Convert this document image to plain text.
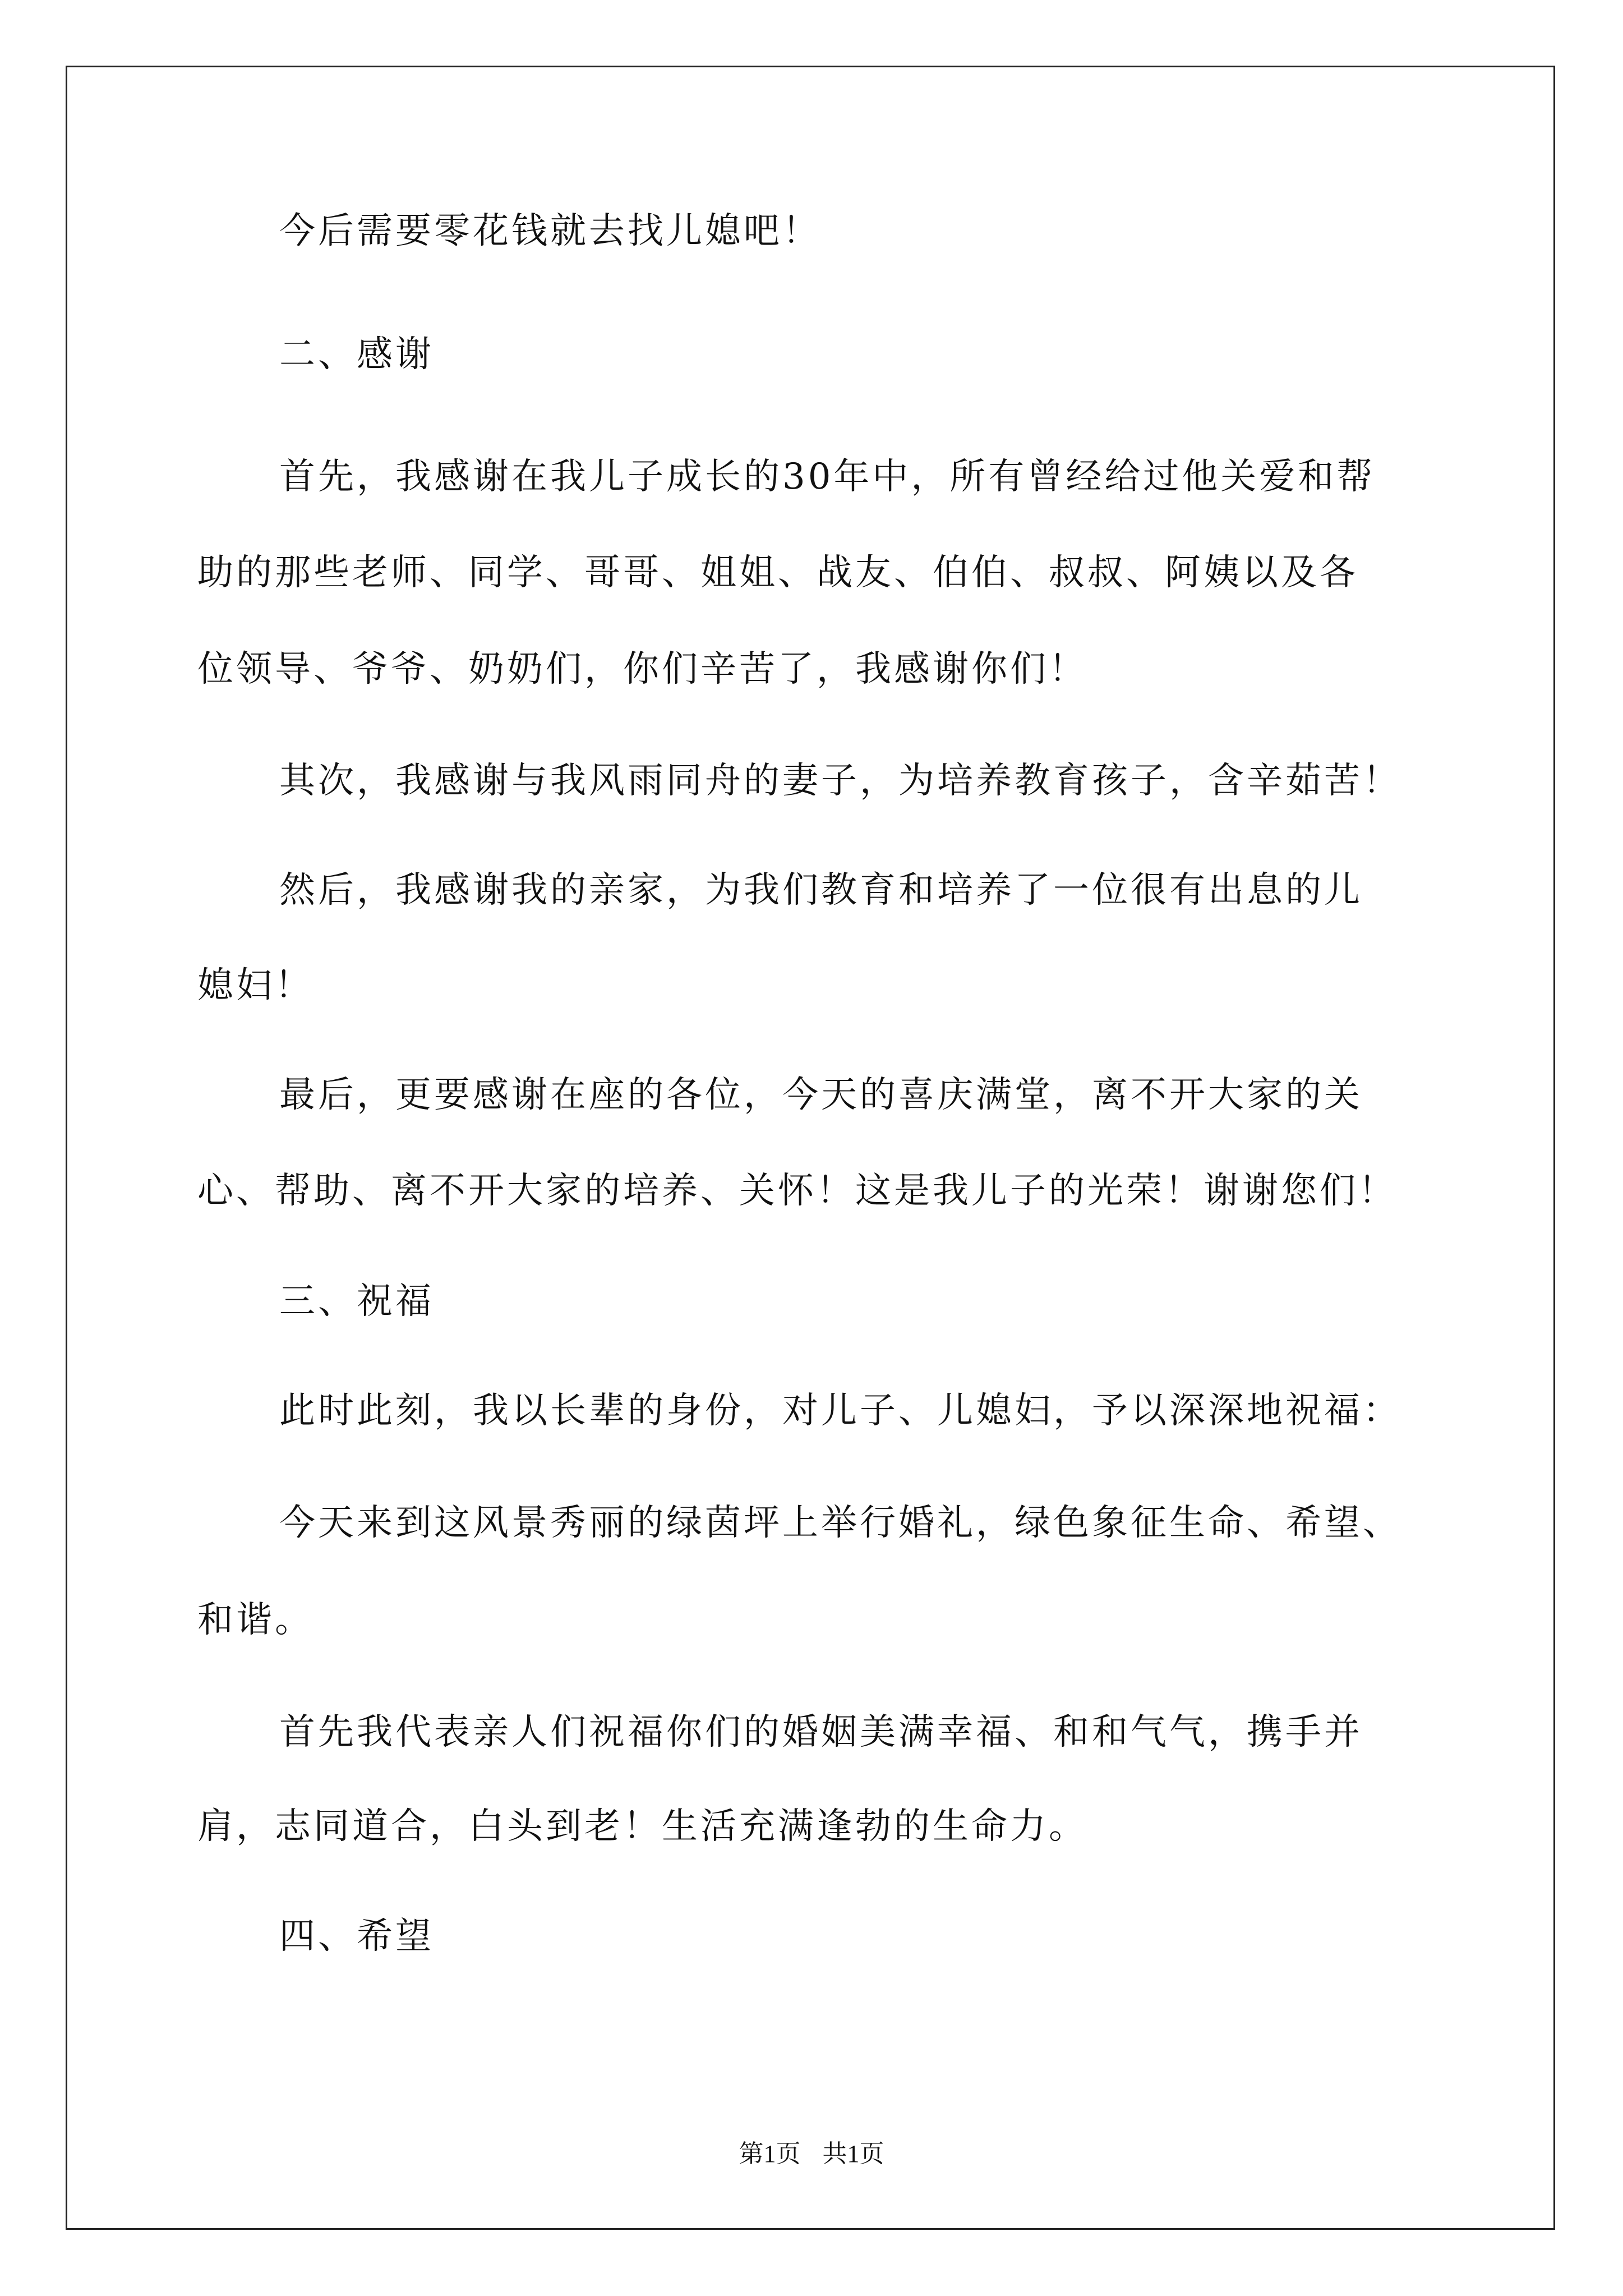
今后需要零花钱就去找儿媳吧！
二、感谢
首先，我感谢在我儿子成长的30年中，所有曾经给过他关爱和帮
助的那些老师、同学、哥哥、姐姐、战友、伯伯、叔叔、阿姨以及各
位领导、爷爷、奶奶们，你们辛苦了，我感谢你们！
其次，我感谢与我风雨同舟的妻子，为培养教育孩子，含辛茹苦！
然后，我感谢我的亲家，为我们教育和培养了一位很有出息的儿
媳妇！
最后，更要感谢在座的各位，今天的喜庆满堂，离不开大家的关
心、帮助、离不开大家的培养、关怀！这是我儿子的光荣！谢谢您们！
三、祝福
此时此刻，我以长辈的身份，对儿子、儿媳妇，予以深深地祝福：
今天来到这风景秀丽的绿茵坪上举行婚礼，绿色象征生命、希望、
和谐。
首先我代表亲人们祝福你们的婚姻美满幸福、和和气气，携手并
肩，志同道合，白头到老！生活充满逢勃的生命力。
四、希望
第1页 共1页
